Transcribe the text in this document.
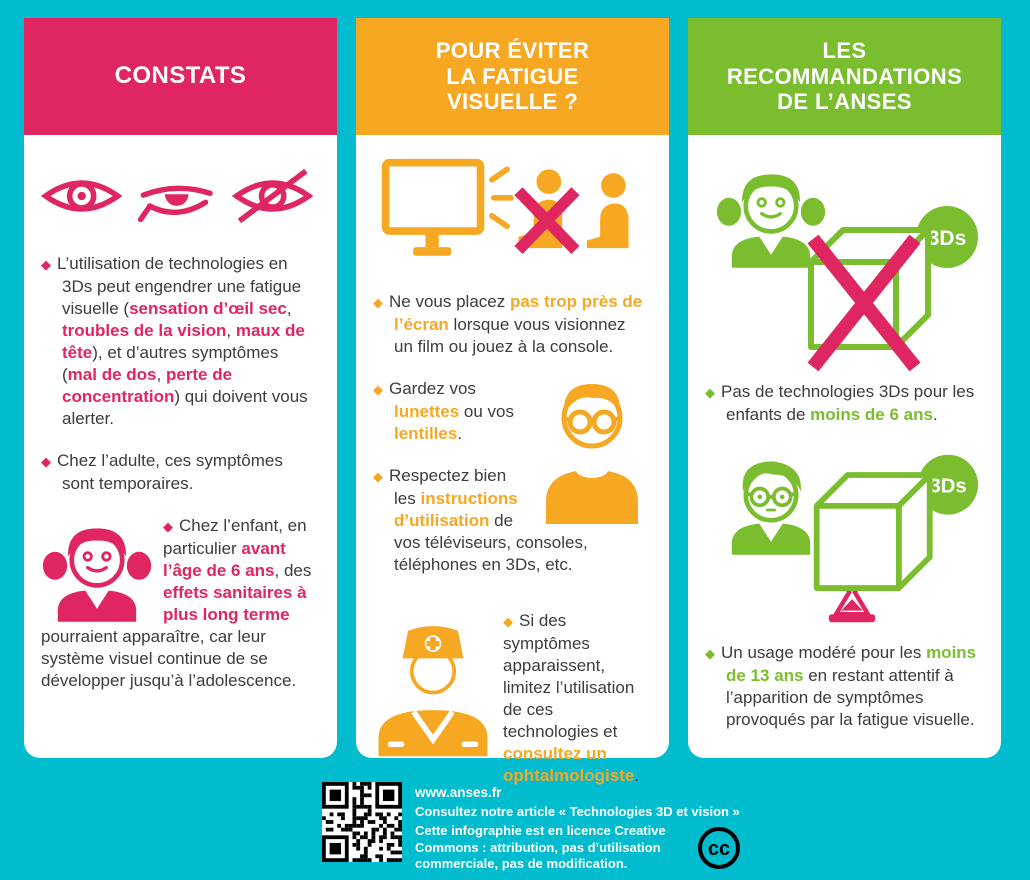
CONSTATS
◆ L’utilisation de technologies en 3Ds peut engendrer une fatigue visuelle (sensation d’œil sec, troubles de la vision, maux de tête), et d’autres symptômes (mal de dos, perte de concentration) qui doivent vous alerter.
◆ Chez l’adulte, ces symptômes sont temporaires.
◆ Chez l’enfant, en particulier avant l’âge de 6 ans, des effets sanitaires à plus long terme pourraient apparaître, car leur système visuel continue de se développer jusqu’à l’adolescence.
POUR ÉVITER LA FATIGUE VISUELLE ?
◆ Ne vous placez pas trop près de l’écran lorsque vous visionnez un film ou jouez à la console.
◆ Gardez vos lunettes ou vos lentilles.
◆ Respectez bien les instructions d’utilisation de vos téléviseurs, consoles, téléphones en 3Ds, etc.
◆ Si des symptômes apparaissent, limitez l’utilisation de ces technologies et consultez un ophtalmologiste.
LES RECOMMANDATIONS DE L’ANSES
3Ds
◆ Pas de technologies 3Ds pour les enfants de moins de 6 ans.
3Ds
◆ Un usage modéré pour les moins de 13 ans en restant attentif à l’apparition de symptômes provoqués par la fatigue visuelle.
www.anses.fr
Consultez notre article « Technologies 3D et vision »
Cette infographie est en licence Creative Commons : attribution, pas d’utilisation commerciale, pas de modification.
cc
